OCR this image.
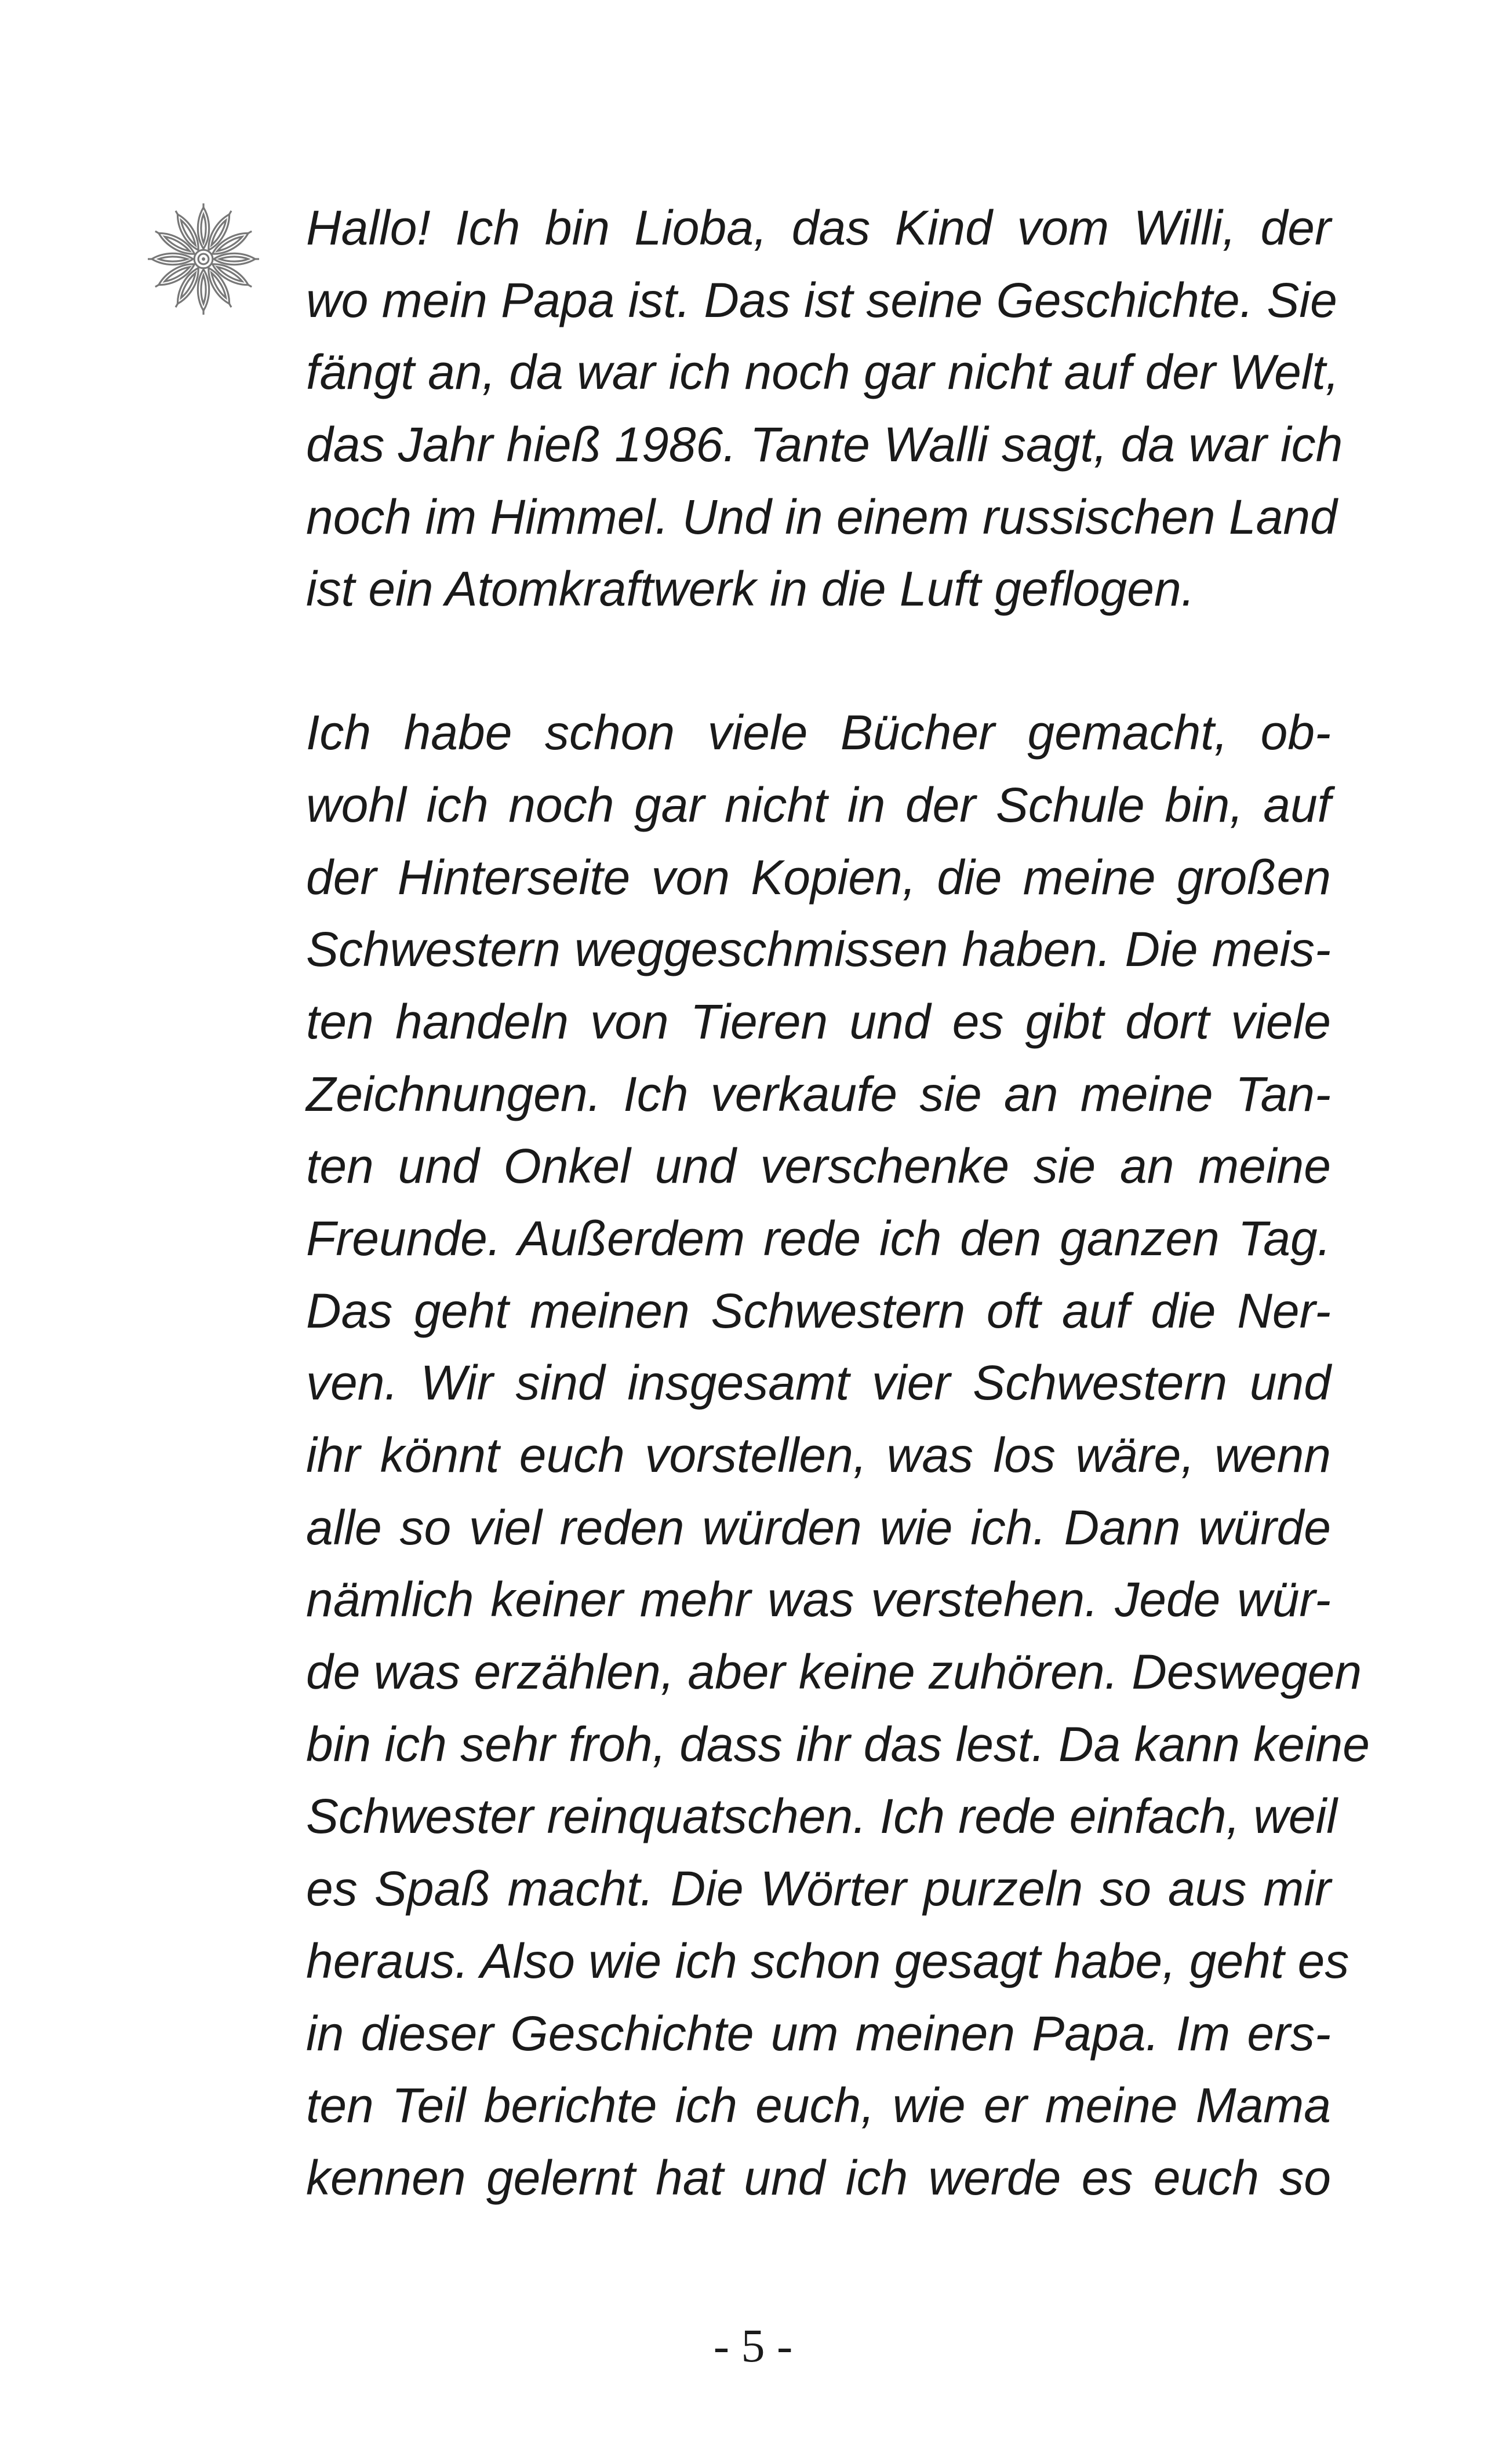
Hallo! Ich bin Lioba, das Kind vom Willi, der
wo mein Papa ist. Das ist seine Geschichte. Sie
fängt an, da war ich noch gar nicht auf der Welt,
das Jahr hieß 1986. Tante Walli sagt, da war ich
noch im Himmel. Und in einem russischen Land
ist ein Atomkraftwerk in die Luft geflogen.
Ich habe schon viele Bücher gemacht, ob-
wohl ich noch gar nicht in der Schule bin, auf
der Hinterseite von Kopien, die meine großen
Schwestern weggeschmissen haben. Die meis-
ten handeln von Tieren und es gibt dort viele
Zeichnungen. Ich verkaufe sie an meine Tan-
ten und Onkel und verschenke sie an meine
Freunde. Außerdem rede ich den ganzen Tag.
Das geht meinen Schwestern oft auf die Ner-
ven. Wir sind insgesamt vier Schwestern und
ihr könnt euch vorstellen, was los wäre, wenn
alle so viel reden würden wie ich. Dann würde
nämlich keiner mehr was verstehen. Jede wür-
de was erzählen, aber keine zuhören. Deswegen
bin ich sehr froh, dass ihr das lest. Da kann keine
Schwester reinquatschen. Ich rede einfach, weil
es Spaß macht. Die Wörter purzeln so aus mir
heraus. Also wie ich schon gesagt habe, geht es
in dieser Geschichte um meinen Papa. Im ers-
ten Teil berichte ich euch, wie er meine Mama
kennen gelernt hat und ich werde es euch so
- 5 -
